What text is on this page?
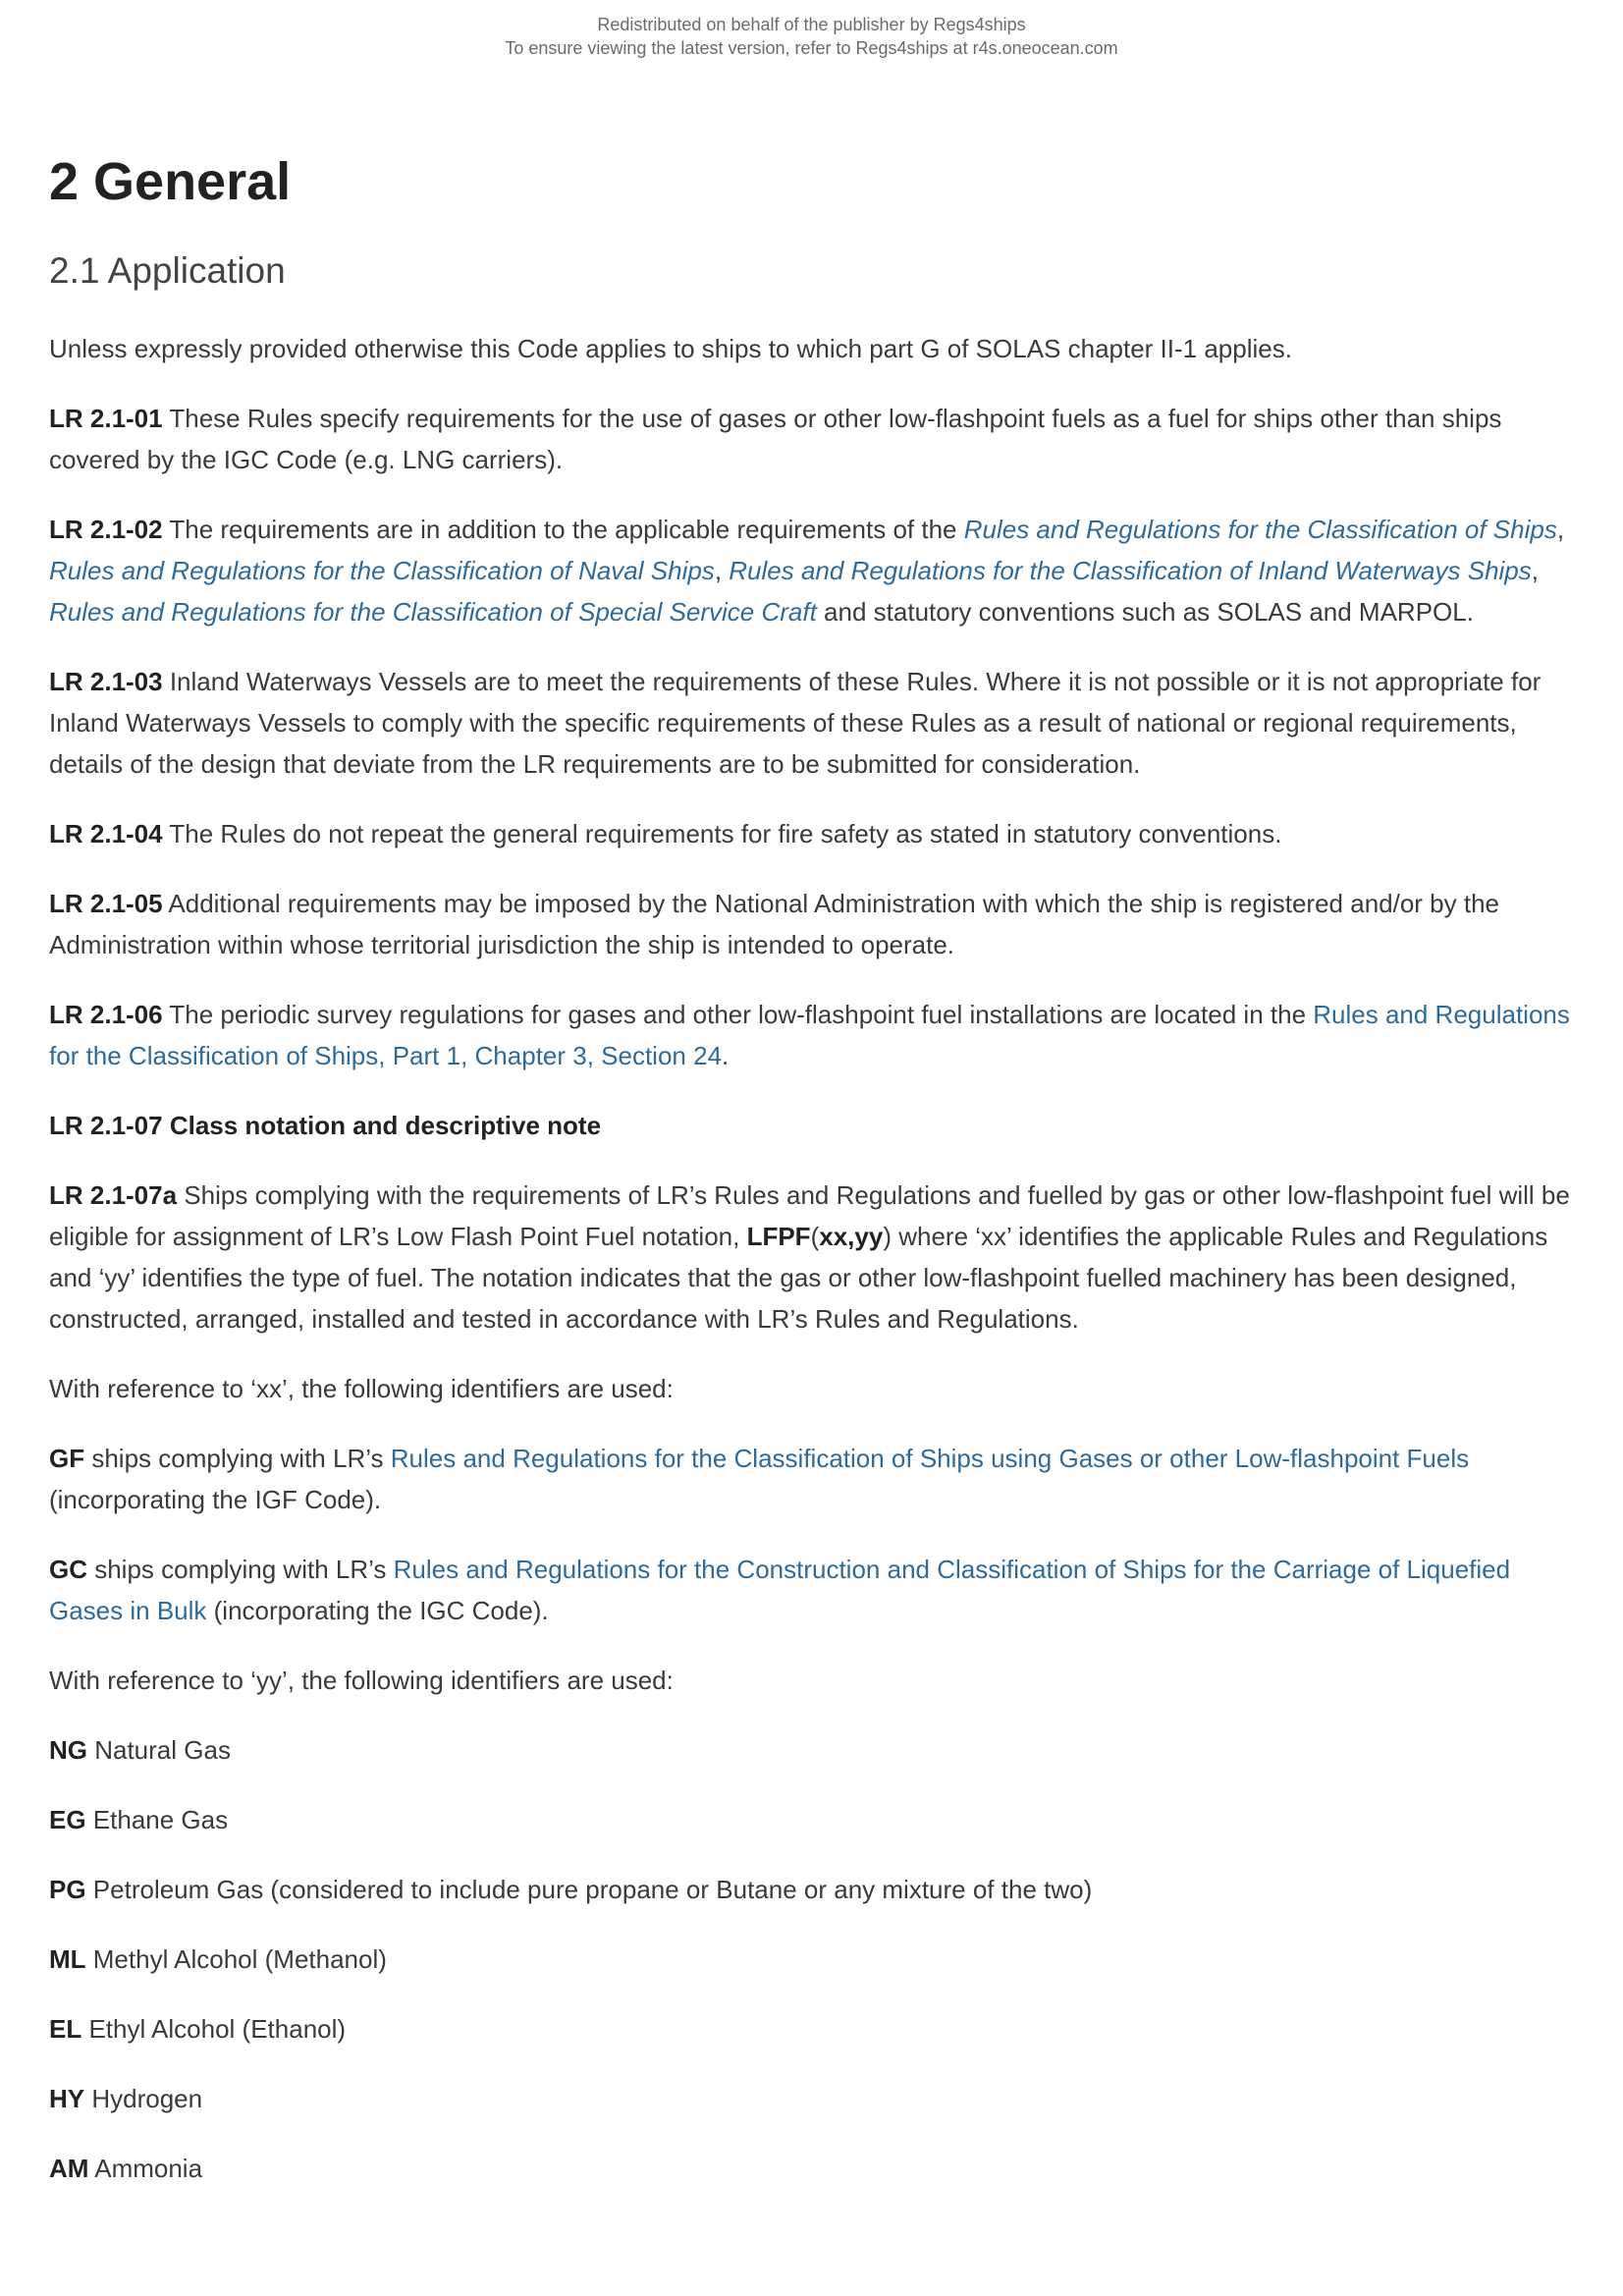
Redistributed on behalf of the publisher by Regs4ships
To ensure viewing the latest version, refer to Regs4ships at r4s.oneocean.com
2 General
2.1 Application

Unless expressly provided otherwise this Code applies to ships to which part G of SOLAS chapter II-1 applies.

LR 2.1-01 These Rules specify requirements for the use of gases or other low-flashpoint fuels as a fuel for ships other than ships covered by the IGC Code (e.g. LNG carriers).

LR 2.1-02 The requirements are in addition to the applicable requirements of the Rules and Regulations for the Classification of Ships, Rules and Regulations for the Classification of Naval Ships, Rules and Regulations for the Classification of Inland Waterways Ships, Rules and Regulations for the Classification of Special Service Craft and statutory conventions such as SOLAS and MARPOL.

LR 2.1-03 Inland Waterways Vessels are to meet the requirements of these Rules. Where it is not possible or it is not appropriate for Inland Waterways Vessels to comply with the specific requirements of these Rules as a result of national or regional requirements, details of the design that deviate from the LR requirements are to be submitted for consideration.

LR 2.1-04 The Rules do not repeat the general requirements for fire safety as stated in statutory conventions.

LR 2.1-05 Additional requirements may be imposed by the National Administration with which the ship is registered and/or by the Administration within whose territorial jurisdiction the ship is intended to operate.

LR 2.1-06 The periodic survey regulations for gases and other low-flashpoint fuel installations are located in the Rules and Regulations for the Classification of Ships, Part 1, Chapter 3, Section 24.

LR 2.1-07 Class notation and descriptive note

LR 2.1-07a Ships complying with the requirements of LR’s Rules and Regulations and fuelled by gas or other low-flashpoint fuel will be eligible for assignment of LR’s Low Flash Point Fuel notation, LFPF(xx,yy) where ‘xx’ identifies the applicable Rules and Regulations and ‘yy’ identifies the type of fuel. The notation indicates that the gas or other low-flashpoint fuelled machinery has been designed, constructed, arranged, installed and tested in accordance with LR’s Rules and Regulations.

With reference to ‘xx’, the following identifiers are used:

GF ships complying with LR’s Rules and Regulations for the Classification of Ships using Gases or other Low-flashpoint Fuels (incorporating the IGF Code).

GC ships complying with LR’s Rules and Regulations for the Construction and Classification of Ships for the Carriage of Liquefied Gases in Bulk (incorporating the IGC Code).

With reference to ‘yy’, the following identifiers are used:

NG Natural Gas

EG Ethane Gas

PG Petroleum Gas (considered to include pure propane or Butane or any mixture of the two)

ML Methyl Alcohol (Methanol)

EL Ethyl Alcohol (Ethanol)

HY Hydrogen

AM Ammonia
